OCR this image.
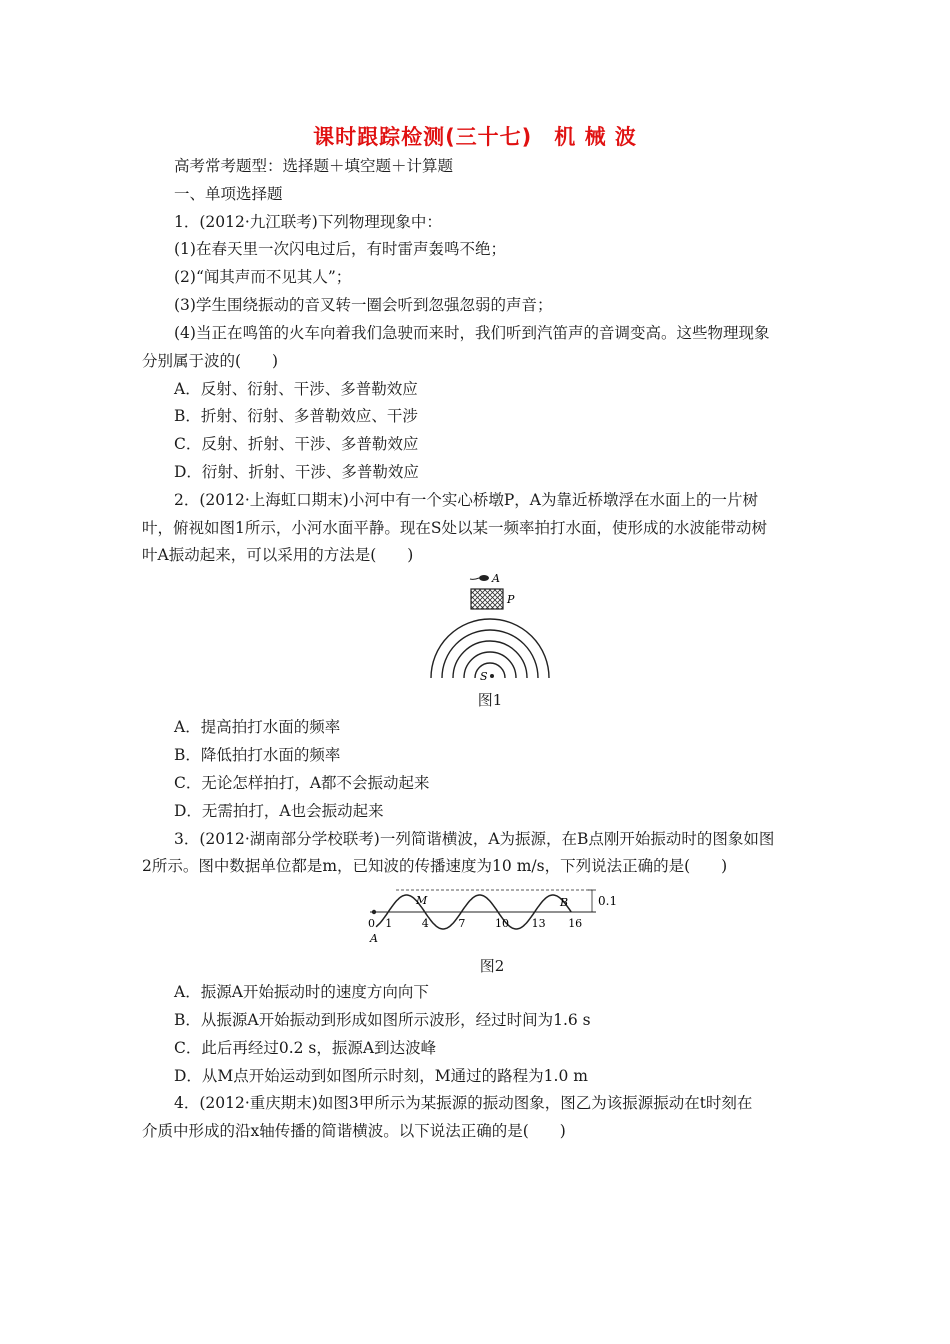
课时跟踪检测(三十七)　机 械 波
高考常考题型：选择题＋填空题＋计算题
一、单项选择题
1．(2012·九江联考)下列物理现象中：
(1)在春天里一次闪电过后，有时雷声轰鸣不绝；
(2)“闻其声而不见其人”；
(3)学生围绕振动的音叉转一圈会听到忽强忽弱的声音；
(4)当正在鸣笛的火车向着我们急驶而来时，我们听到汽笛声的音调变高。这些物理现象
分别属于波的(　　)
A．反射、衍射、干涉、多普勒效应
B．折射、衍射、多普勒效应、干涉
C．反射、折射、干涉、多普勒效应
D．衍射、折射、干涉、多普勒效应
2．(2012·上海虹口期末)小河中有一个实心桥墩P，A为靠近桥墩浮在水面上的一片树
叶，俯视如图1所示，小河水面平静。现在S处以某一频率拍打水面，使形成的水波能带动树
叶A振动起来，可以采用的方法是(　　)
A
P
S
图1
A．提高拍打水面的频率
B．降低拍打水面的频率
C．无论怎样拍打，A都不会振动起来
D．无需拍打，A也会振动起来
3．(2012·湖南部分学校联考)一列简谐横波，A为振源，在B点刚开始振动时的图象如图
2所示。图中数据单位都是m，已知波的传播速度为10 m/s，下列说法正确的是(　　)
0.1
A
M	B
0 1	4	7	10 13 16
图2
A．振源A开始振动时的速度方向向下
B．从振源A开始振动到形成如图所示波形，经过时间为1.6 s
C．此后再经过0.2 s，振源A到达波峰
D．从M点开始运动到如图所示时刻，M通过的路程为1.0 m
4．(2012·重庆期末)如图3甲所示为某振源的振动图象，图乙为该振源振动在t时刻在
介质中形成的沿x轴传播的简谐横波。以下说法正确的是(　　)
